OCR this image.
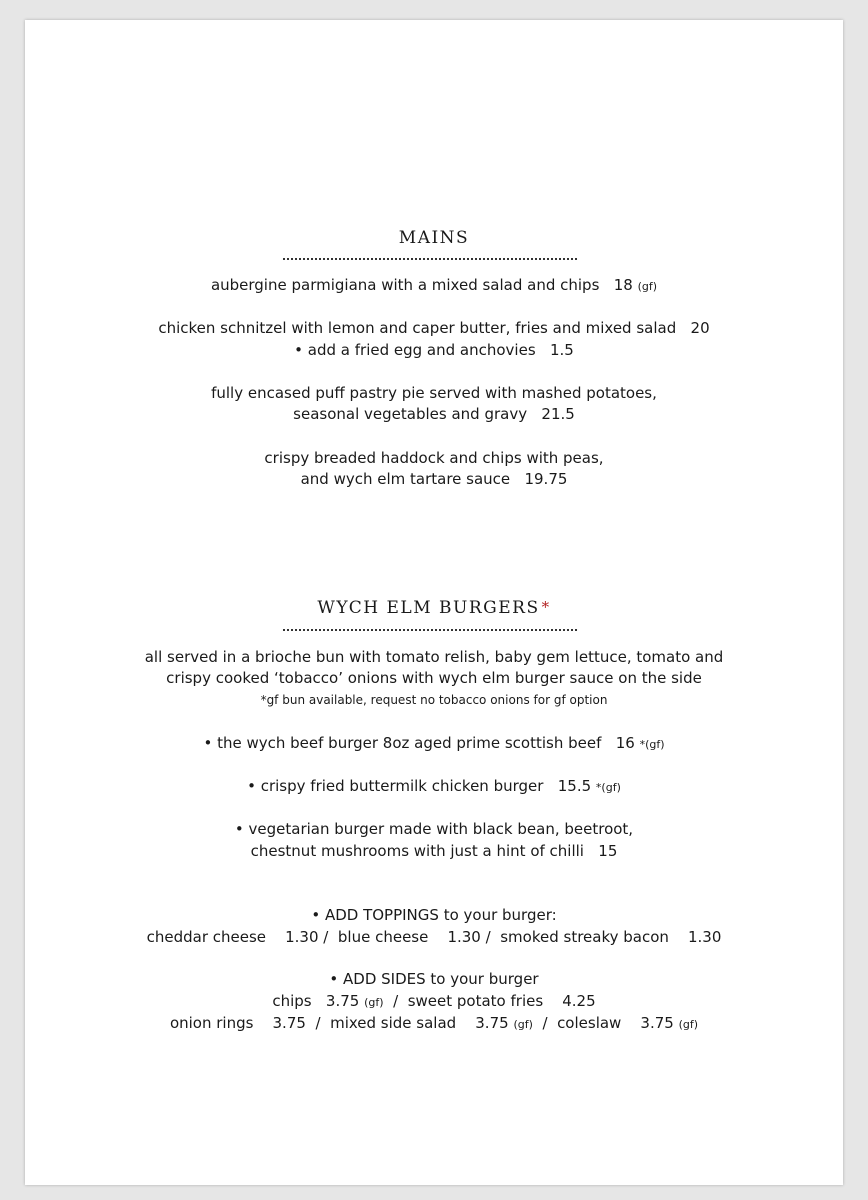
MAINS
aubergine parmigiana with a mixed salad and chips 18 (gf)
chicken schnitzel with lemon and caper butter, fries and mixed salad 20
• add a fried egg and anchovies 1.5
fully encased puff pastry pie served with mashed potatoes,
seasonal vegetables and gravy 21.5
crispy breaded haddock and chips with peas,
and wych elm tartare sauce 19.75
WYCH ELM BURGERS *
all served in a brioche bun with tomato relish, baby gem lettuce, tomato and
crispy cooked ‘tobacco’ onions with wych elm burger sauce on the side
*gf bun available, request no tobacco onions for gf option
• the wych beef burger 8oz aged prime scottish beef 16 *(gf)
• crispy fried buttermilk chicken burger 15.5 *(gf)
• vegetarian burger made with black bean, beetroot,
chestnut mushrooms with just a hint of chilli 15
• ADD TOPPINGS to your burger:
cheddar cheese 1.30 / blue cheese 1.30 / smoked streaky bacon 1.30
• ADD SIDES to your burger
chips 3.75 (gf) / sweet potato fries 4.25
onion rings 3.75 / mixed side salad 3.75 (gf) / coleslaw 3.75 (gf)
